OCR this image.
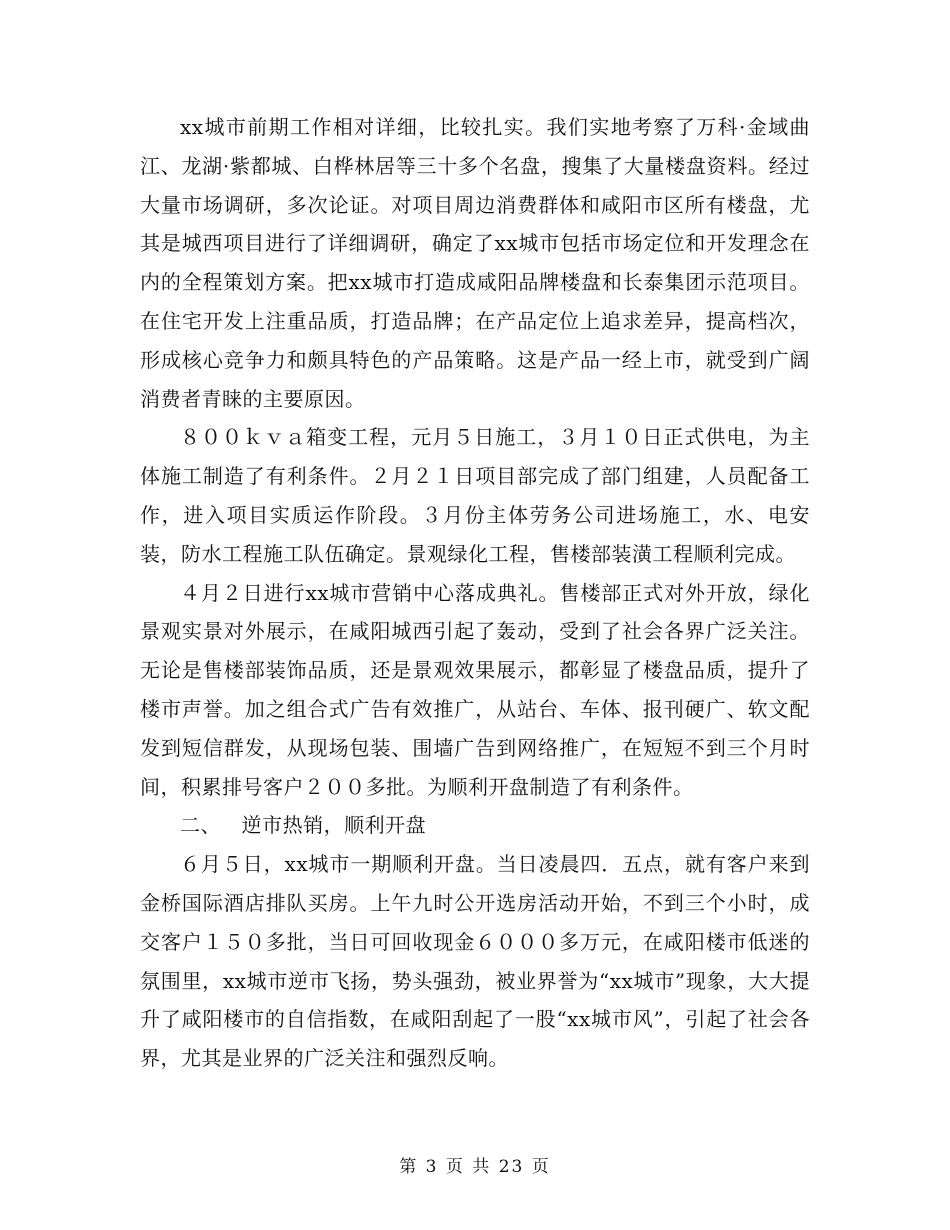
xx城市前期工作相对详细，比较扎实。我们实地考察了万科·金域曲江、龙湖·紫都城、白桦林居等三十多个名盘，搜集了大量楼盘资料。经过大量市场调研，多次论证。对项目周边消费群体和咸阳市区所有楼盘，尤其是城西项目进行了详细调研，确定了xx城市包括市场定位和开发理念在内的全程策划方案。把xx城市打造成咸阳品牌楼盘和长泰集团示范项目。在住宅开发上注重品质，打造品牌；在产品定位上追求差异，提高档次，形成核心竞争力和颇具特色的产品策略。这是产品一经上市，就受到广阔消费者青睐的主要原因。

８００ｋｖａ箱变工程，元月５日施工，３月１０日正式供电，为主体施工制造了有利条件。２月２１日项目部完成了部门组建，人员配备工作，进入项目实质运作阶段。３月份主体劳务公司进场施工，水、电安装，防水工程施工队伍确定。景观绿化工程，售楼部装潢工程顺利完成。

４月２日进行xx城市营销中心落成典礼。售楼部正式对外开放，绿化景观实景对外展示，在咸阳城西引起了轰动，受到了社会各界广泛关注。无论是售楼部装饰品质，还是景观效果展示，都彰显了楼盘品质，提升了楼市声誉。加之组合式广告有效推广，从站台、车体、报刊硬广、软文配发到短信群发，从现场包装、围墙广告到网络推广，在短短不到三个月时间，积累排号客户２００多批。为顺利开盘制造了有利条件。

二、   逆市热销，顺利开盘

６月５日，xx城市一期顺利开盘。当日凌晨四．五点，就有客户来到金桥国际酒店排队买房。上午九时公开选房活动开始，不到三个小时，成交客户１５０多批，当日可回收现金６０００多万元，在咸阳楼市低迷的氛围里，xx城市逆市飞扬，势头强劲，被业界誉为“xx城市”现象，大大提升了咸阳楼市的自信指数，在咸阳刮起了一股“xx城市风”，引起了社会各界，尤其是业界的广泛关注和强烈反响。

第 3 页 共 23 页
